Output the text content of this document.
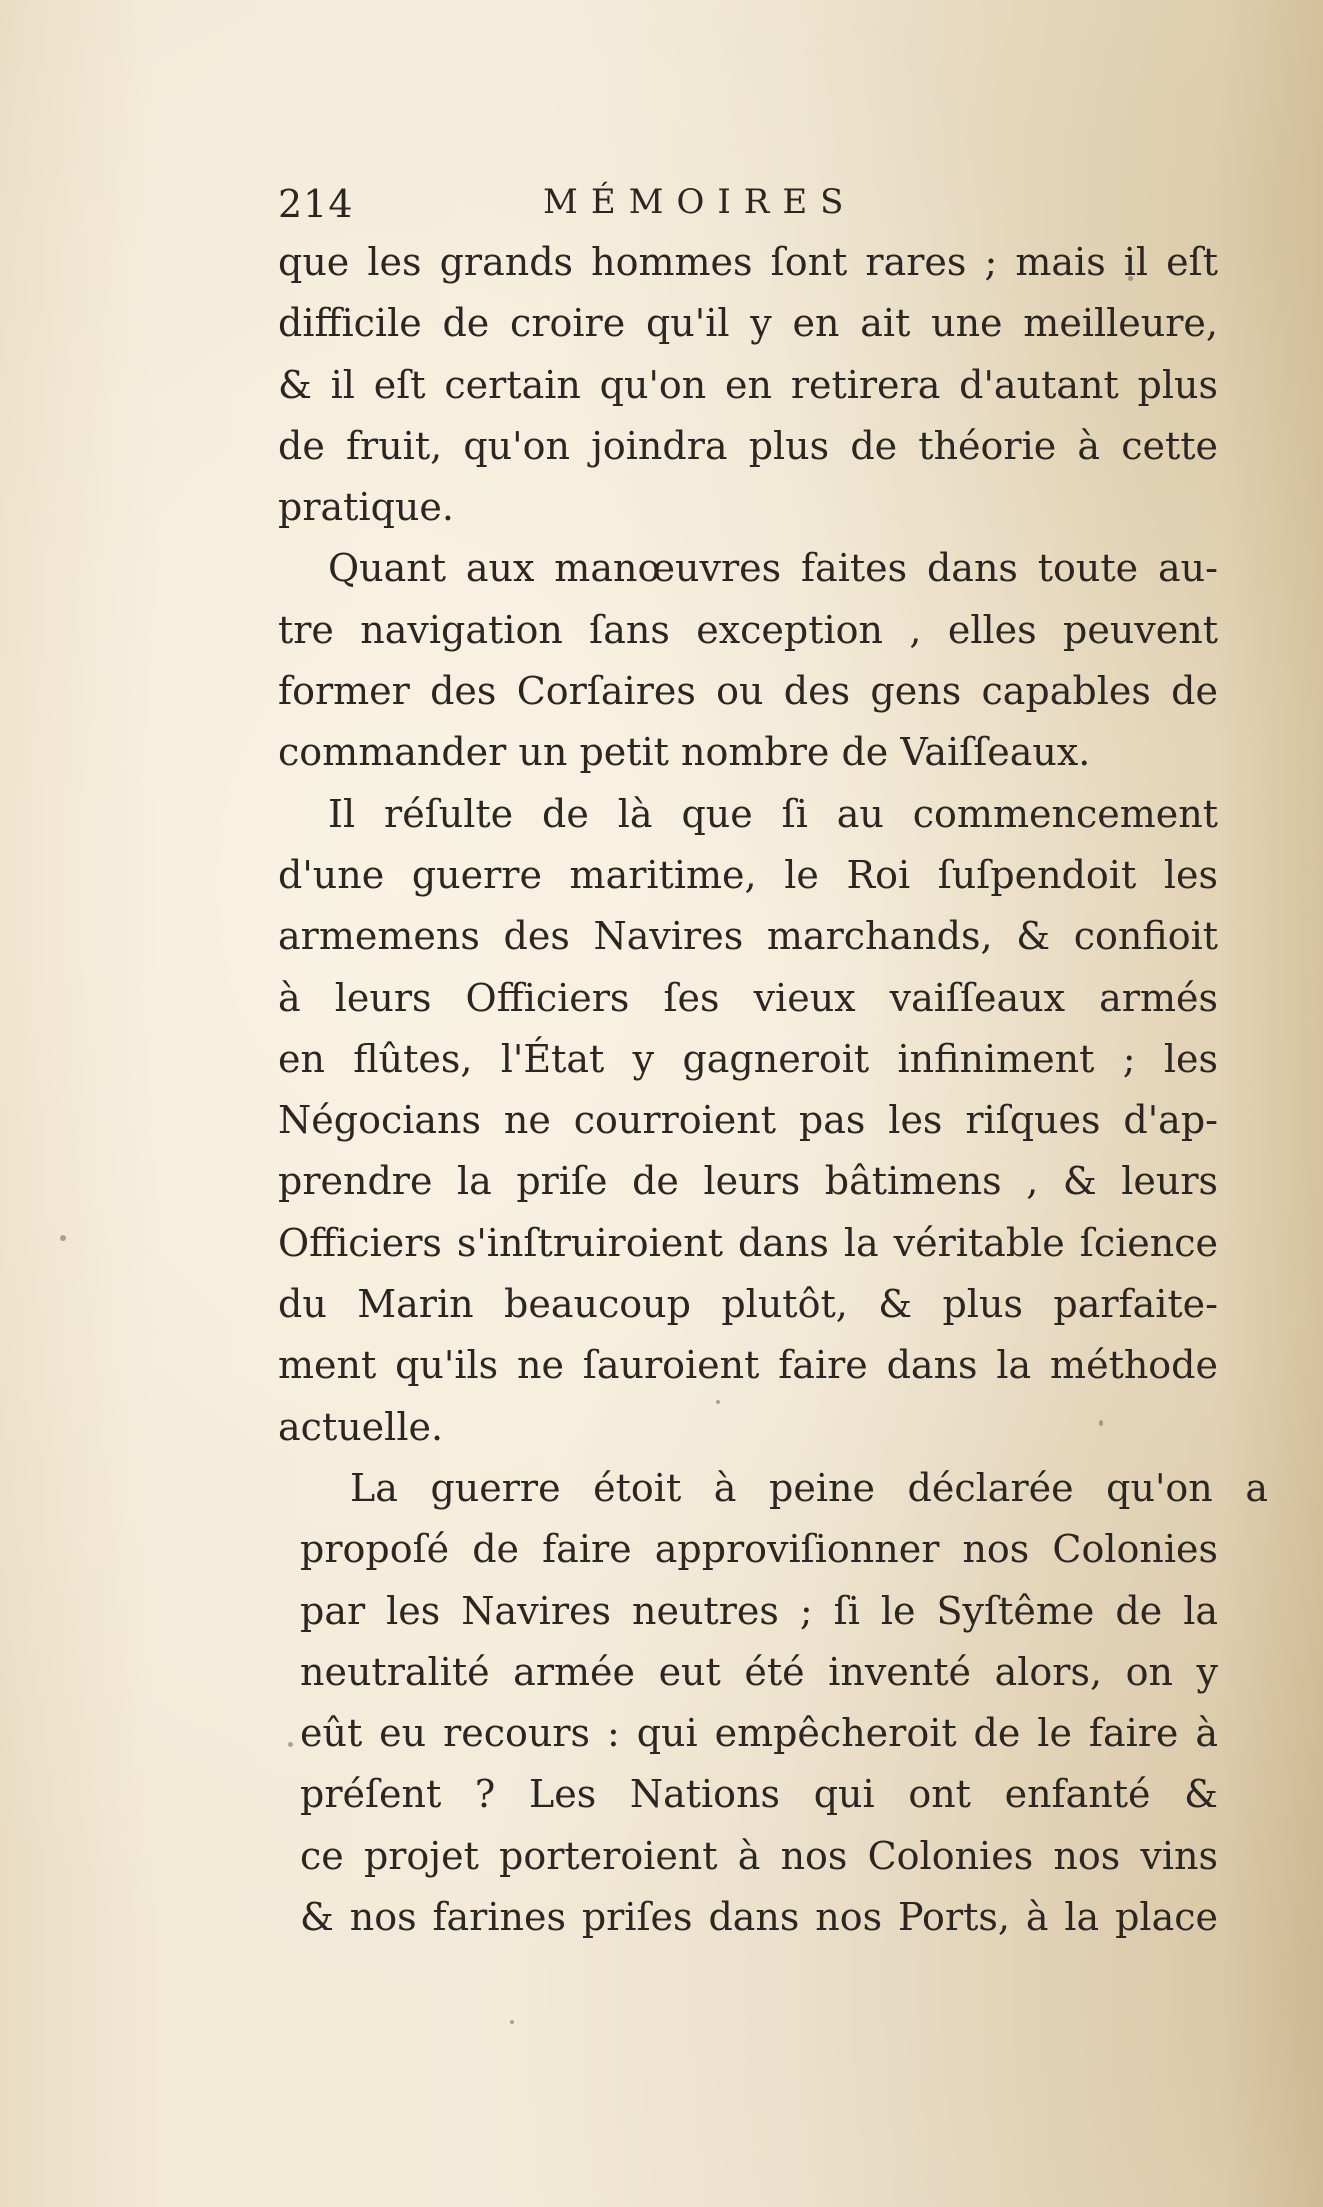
214	MÉMOIRES
que les grands hommes ſont rares ; mais il eſt
difficile de croire qu'il y en ait une meilleure,
& il eſt certain qu'on en retirera d'autant plus
de fruit, qu'on joindra plus de théorie à cette
pratique.
Quant aux manœuvres faites dans toute au-
tre navigation ſans exception , elles peuvent
former des Corſaires ou des gens capables de
commander un petit nombre de Vaiſſeaux.
Il réſulte de là que ſi au commencement
d'une guerre maritime, le Roi ſuſpendoit les
armemens des Navires marchands, & confioit
à leurs Officiers ſes vieux vaiſſeaux armés
en flûtes, l'État y gagneroit infiniment ; les
Négocians ne courroient pas les riſques d'ap-
prendre la priſe de leurs bâtimens , & leurs
Officiers s'inſtruiroient dans la véritable ſcience
du Marin beaucoup plutôt, & plus parfaite-
ment qu'ils ne ſauroient faire dans la méthode
actuelle.
La guerre étoit à peine déclarée qu'on a
propoſé de faire approviſionner nos Colonies
par les Navires neutres ; ſi le Syſtême de la
neutralité armée eut été inventé alors, on y
eût eu recours : qui empêcheroit de le faire à
préſent ? Les Nations qui ont enfanté &
ce projet porteroient à nos Colonies nos vins
& nos farines priſes dans nos Ports, à la place
